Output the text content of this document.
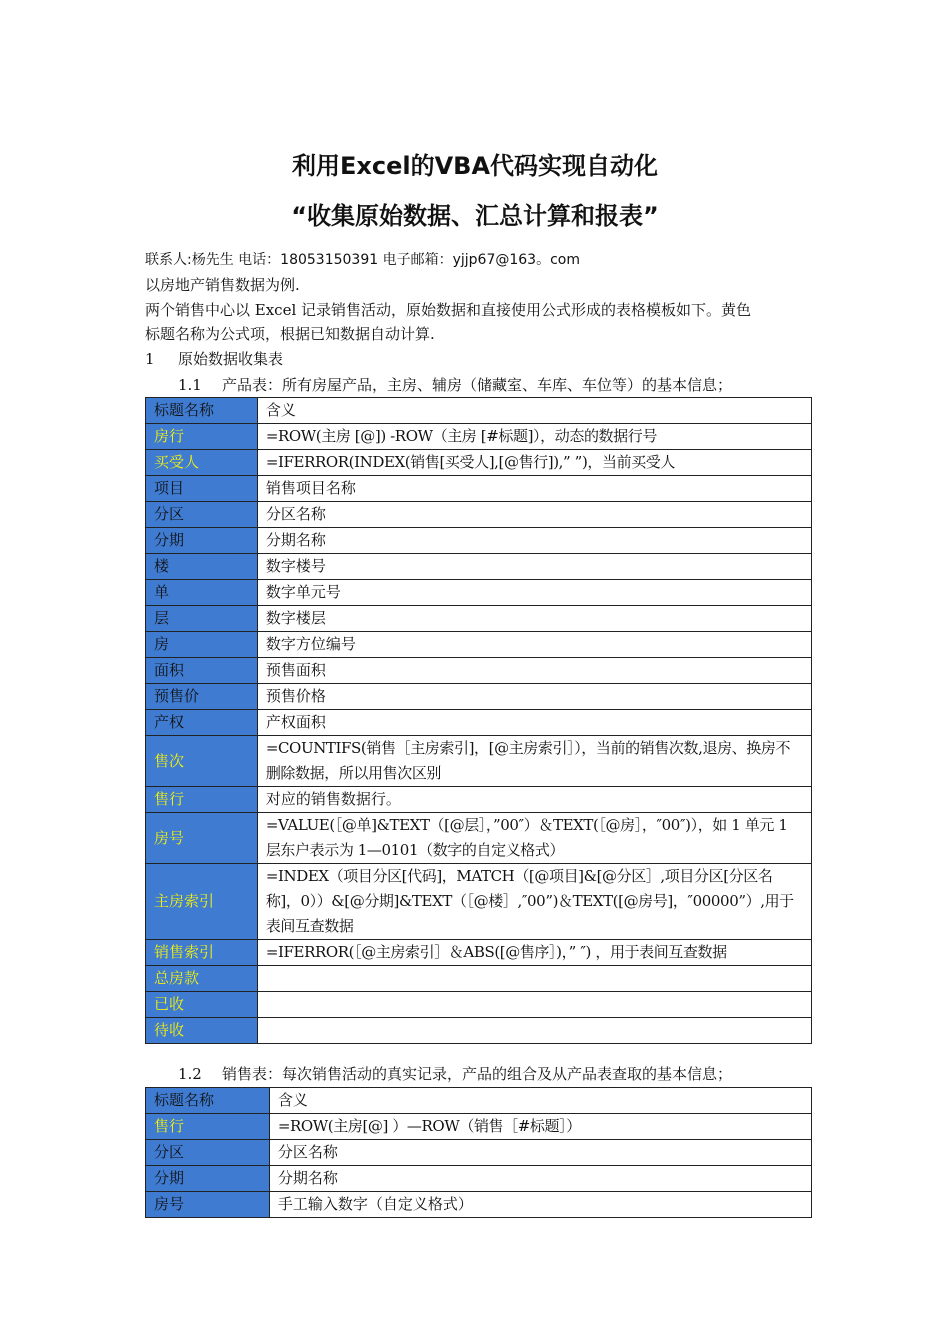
利用Excel的VBA代码实现自动化
“收集原始数据、汇总计算和报表”
联系人:杨先生 电话：18053150391 电子邮箱：yjjp67@163。com
以房地产销售数据为例.
两个销售中心以 Excel 记录销售活动，原始数据和直接使用公式形成的表格模板如下。黄色
标题名称为公式项，根据已知数据自动计算.
1 原始数据收集表
1.1 产品表：所有房屋产品，主房、辅房（储藏室、车库、车位等）的基本信息；
标题名称	含义
房行	=ROW(主房 [@]) -ROW（主房 [#标题]），动态的数据行号
买受人	=IFERROR(INDEX(销售[买受人],[@售行]),” ”)，当前买受人
项目	销售项目名称
分区	分区名称
分期	分期名称
楼	数字楼号
单	数字单元号
层	数字楼层
房	数字方位编号
面积	预售面积
预售价	预售价格
产权	产权面积
售次	=COUNTIFS(销售［主房索引]，[@主房索引］），当前的销售次数,退房、换房不删除数据，所以用售次区别
售行	对应的销售数据行。
房号	=VALUE(［@单]&TEXT（[@层］，”00″）＆TEXT(［@房］，″00″)），如 1 单元 1 层东户表示为 1—0101（数字的自定义格式）
主房索引	=INDEX（项目分区[代码]，MATCH（[@项目]&[@分区］,项目分区[分区名称]，0））&[@分期]&TEXT（［@楼］,″00”)＆TEXT([@房号]，″00000”）,用于表间互查数据
销售索引	=IFERROR(［@主房索引］＆ABS([@售序］)，” ″) ，用于表间互查数据
总房款	
已收	
待收	
1.2 销售表：每次销售活动的真实记录，产品的组合及从产品表查取的基本信息；
标题名称	含义
售行	=ROW(主房[@] ）—ROW（销售［#标题］）
分区	分区名称
分期	分期名称
房号	手工输入数字（自定义格式）
